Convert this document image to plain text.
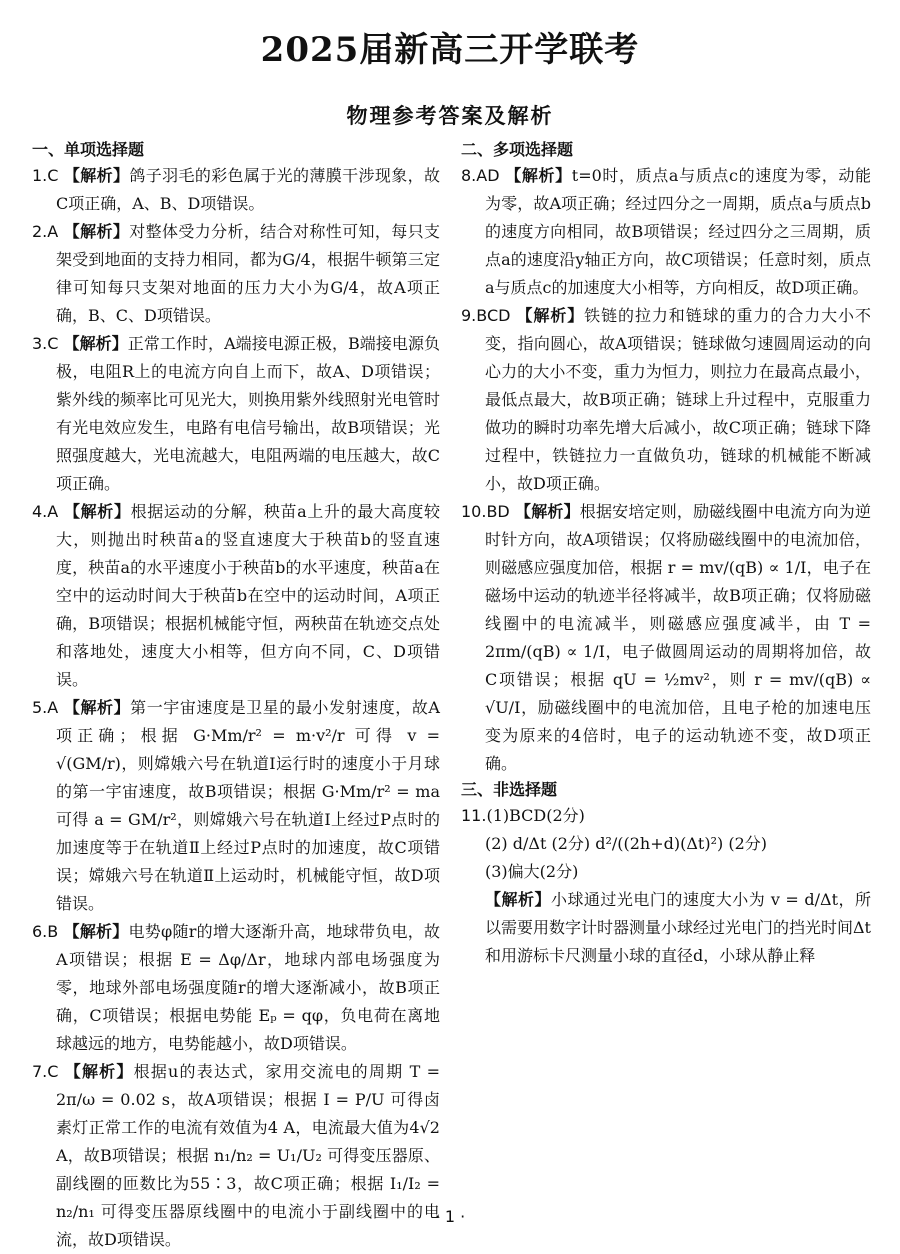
2025届新高三开学联考
物理参考答案及解析

一、单项选择题

1.C 【解析】鸽子羽毛的彩色属于光的薄膜干涉现象，故C项正确，A、B、D项错误。

2.A 【解析】对整体受力分析，结合对称性可知，每只支架受到地面的支持力相同，都为G/4，根据牛顿第三定律可知每只支架对地面的压力大小为G/4，故A项正确，B、C、D项错误。

3.C 【解析】正常工作时，A端接电源正极，B端接电源负极，电阻R上的电流方向自上而下，故A、D项错误；紫外线的频率比可见光大，则换用紫外线照射光电管时有光电效应发生，电路有电信号输出，故B项错误；光照强度越大，光电流越大，电阻两端的电压越大，故C项正确。

4.A 【解析】根据运动的分解，秧苗a上升的最大高度较大，则抛出时秧苗a的竖直速度大于秧苗b的竖直速度，秧苗a的水平速度小于秧苗b的水平速度，秧苗a在空中的运动时间大于秧苗b在空中的运动时间，A项正确，B项错误；根据机械能守恒，两秧苗在轨迹交点处和落地处，速度大小相等，但方向不同，C、D项错误。

5.A 【解析】第一宇宙速度是卫星的最小发射速度，故A项正确；根据 G·Mm/r² = m·v²/r 可得 v = √(GM/r)，则嫦娥六号在轨道Ⅰ运行时的速度小于月球的第一宇宙速度，故B项错误；根据 G·Mm/r² = ma 可得 a = GM/r²，则嫦娥六号在轨道Ⅰ上经过P点时的加速度等于在轨道Ⅱ上经过P点时的加速度，故C项错误；嫦娥六号在轨道Ⅱ上运动时，机械能守恒，故D项错误。

6.B 【解析】电势φ随r的增大逐渐升高，地球带负电，故A项错误；根据 E = Δφ/Δr，地球内部电场强度为零，地球外部电场强度随r的增大逐渐减小，故B项正确，C项错误；根据电势能 Eₚ = qφ，负电荷在离地球越远的地方，电势能越小，故D项错误。

7.C 【解析】根据u的表达式，家用交流电的周期 T = 2π/ω = 0.02 s，故A项错误；根据 I = P/U 可得卤素灯正常工作的电流有效值为4 A，电流最大值为4√2 A，故B项错误；根据 n₁/n₂ = U₁/U₂ 可得变压器原、副线圈的匝数比为55∶3，故C项正确；根据 I₁/I₂ = n₂/n₁ 可得变压器原线圈中的电流小于副线圈中的电流，故D项错误。

二、多项选择题

8.AD 【解析】t=0时，质点a与质点c的速度为零，动能为零，故A项正确；经过四分之一周期，质点a与质点b的速度方向相同，故B项错误；经过四分之三周期，质点a的速度沿y轴正方向，故C项错误；任意时刻，质点a与质点c的加速度大小相等，方向相反，故D项正确。

9.BCD 【解析】铁链的拉力和链球的重力的合力大小不变，指向圆心，故A项错误；链球做匀速圆周运动的向心力的大小不变，重力为恒力，则拉力在最高点最小，最低点最大，故B项正确；链球上升过程中，克服重力做功的瞬时功率先增大后减小，故C项正确；链球下降过程中，铁链拉力一直做负功，链球的机械能不断减小，故D项正确。

10.BD 【解析】根据安培定则，励磁线圈中电流方向为逆时针方向，故A项错误；仅将励磁线圈中的电流加倍，则磁感应强度加倍，根据 r = mv/(qB) ∝ 1/I，电子在磁场中运动的轨迹半径将减半，故B项正确；仅将励磁线圈中的电流减半，则磁感应强度减半，由 T = 2πm/(qB) ∝ 1/I，电子做圆周运动的周期将加倍，故C项错误；根据 qU = ½mv²，则 r = mv/(qB) ∝ √U/I，励磁线圈中的电流加倍，且电子枪的加速电压变为原来的4倍时，电子的运动轨迹不变，故D项正确。

三、非选择题

11.(1)BCD(2分)

(2) d/Δt (2分) d²/((2h+d)(Δt)²) (2分)

(3)偏大(2分)

【解析】小球通过光电门的速度大小为 v = d/Δt，所以需要用数字计时器测量小球经过光电门的挡光时间Δt和用游标卡尺测量小球的直径d，小球从静止释

· 1 ·
